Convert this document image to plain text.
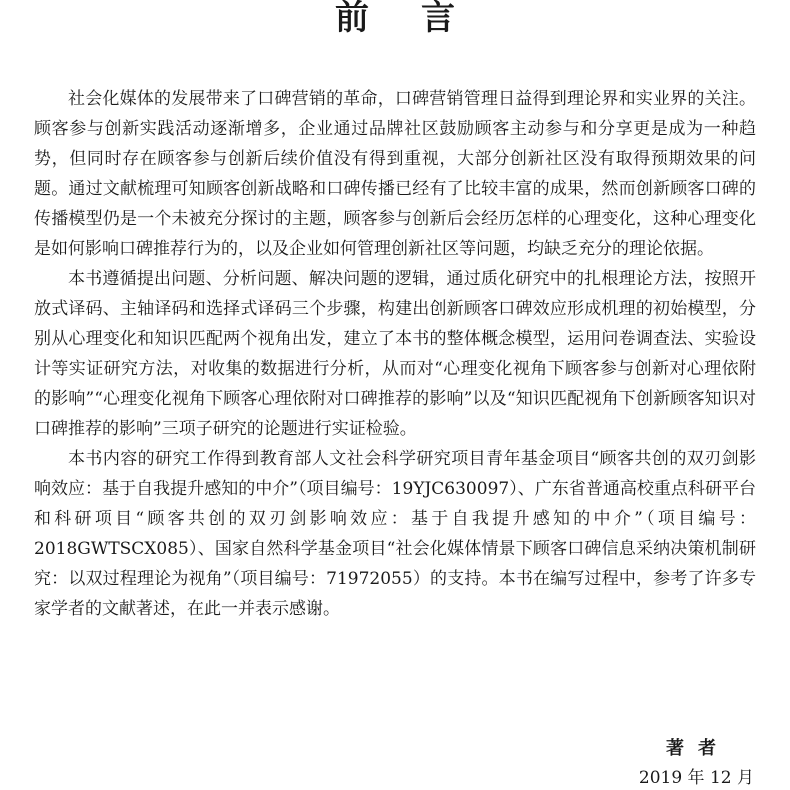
前言

社会化媒体的发展带来了口碑营销的革命，口碑营销管理日益得到理论界和实业界的关注。顾客参与创新实践活动逐渐增多，企业通过品牌社区鼓励顾客主动参与和分享更是成为一种趋势，但同时存在顾客参与创新后续价值没有得到重视，大部分创新社区没有取得预期效果的问题。通过文献梳理可知顾客创新战略和口碑传播已经有了比较丰富的成果，然而创新顾客口碑的传播模型仍是一个未被充分探讨的主题，顾客参与创新后会经历怎样的心理变化，这种心理变化是如何影响口碑推荐行为的，以及企业如何管理创新社区等问题，均缺乏充分的理论依据。

本书遵循提出问题、分析问题、解决问题的逻辑，通过质化研究中的扎根理论方法，按照开放式译码、主轴译码和选择式译码三个步骤，构建出创新顾客口碑效应形成机理的初始模型，分别从心理变化和知识匹配两个视角出发，建立了本书的整体概念模型，运用问卷调查法、实验设计等实证研究方法，对收集的数据进行分析，从而对“心理变化视角下顾客参与创新对心理依附的影响”“心理变化视角下顾客心理依附对口碑推荐的影响”以及“知识匹配视角下创新顾客知识对口碑推荐的影响”三项子研究的论题进行实证检验。

本书内容的研究工作得到教育部人文社会科学研究项目青年基金项目“顾客共创的双刃剑影响效应：基于自我提升感知的中介”（项目编号：19YJC630097）、广东省普通高校重点科研平台和科研项目“顾客共创的双刃剑影响效应：基于自我提升感知的中介”（项目编号：2018GWTSCX085）、国家自然科学基金项目“社会化媒体情景下顾客口碑信息采纳决策机制研究：以双过程理论为视角”（项目编号：71972055）的支持。本书在编写过程中，参考了许多专家学者的文献著述，在此一并表示感谢。

著者
2019 年 12 月
